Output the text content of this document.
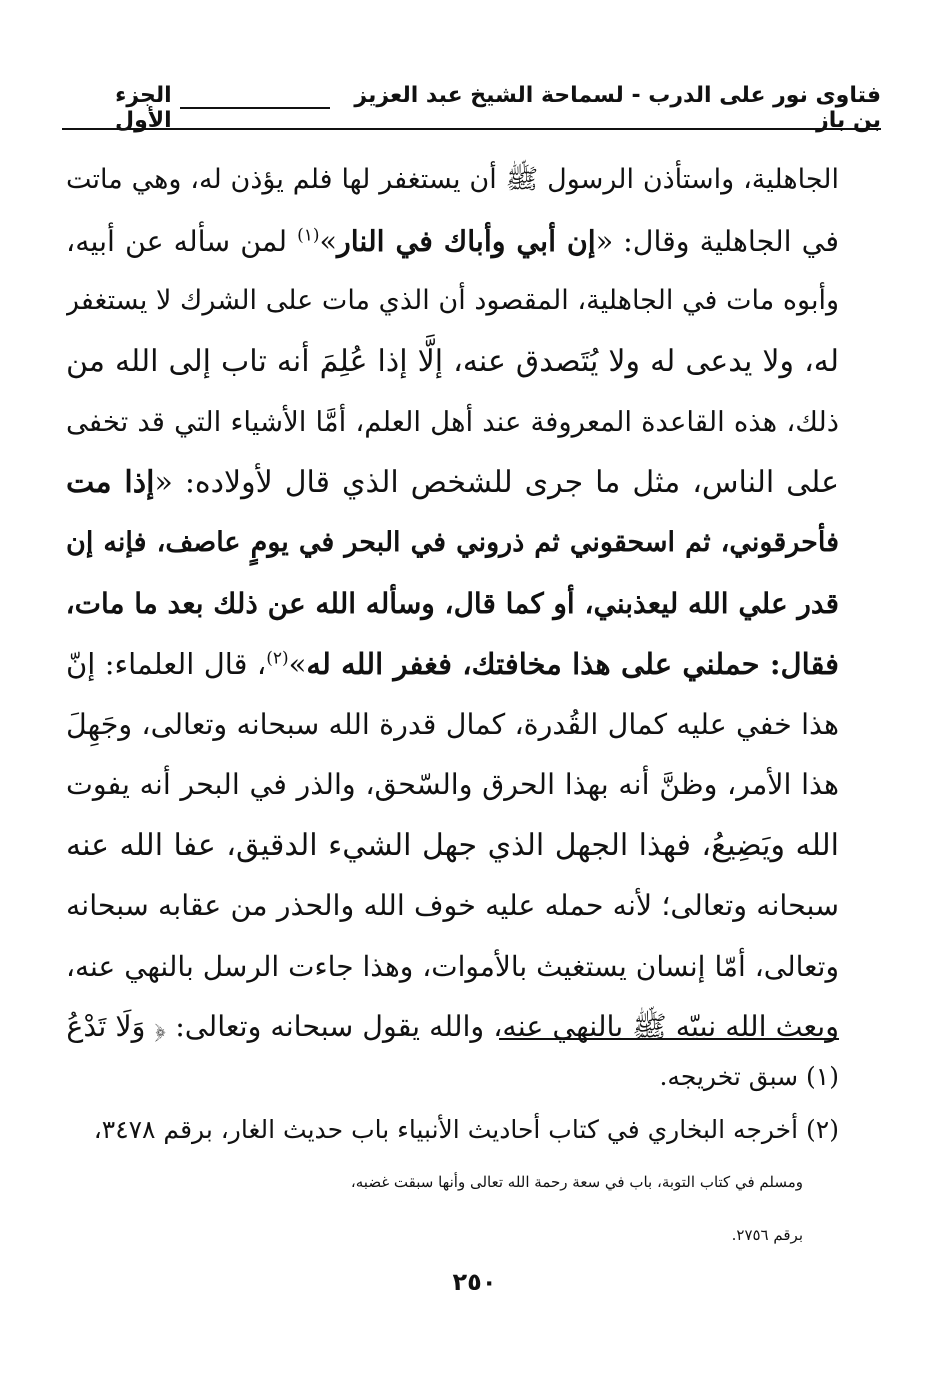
فتاوى نور على الدرب - لسماحة الشيخ عبد العزيز بن باز
الجزء الأول
الجاهلية، واستأذن الرسول ﷺ أن يستغفر لها فلم يؤذن له، وهي ماتت
في الجاهلية وقال: «إن أبي وأباك في النار»$^{(١)}$ لمن سأله عن أبيه،
وأبوه مات في الجاهلية، المقصود أن الذي مات على الشرك لا يستغفر
له، ولا يدعى له ولا يُتَصدق عنه، إلَّا إذا عُلِمَ أنه تاب إلى الله من
ذلك، هذه القاعدة المعروفة عند أهل العلم، أمَّا الأشياء التي قد تخفى
على الناس، مثل ما جرى للشخص الذي قال لأولاده: «إذا مت
فأحرقوني، ثم اسحقوني ثم ذروني في البحر في يومٍ عاصف، فإنه إن
قدر علي الله ليعذبني، أو كما قال، وسأله الله عن ذلك بعد ما مات،
فقال: حملني على هذا مخافتك، فغفر الله له»$^{(٢)}$، قال العلماء: إنّ
هذا خفي عليه كمال القُدرة، كمال قدرة الله سبحانه وتعالى، وجَهِلَ
هذا الأمر، وظنَّ أنه بهذا الحرق والسّحق، والذر في البحر أنه يفوت
الله ويَضِيعُ، فهذا الجهل الذي جهل الشيء الدقيق، عفا الله عنه
سبحانه وتعالى؛ لأنه حمله عليه خوف الله والحذر من عقابه سبحانه
وتعالى، أمّا إنسان يستغيث بالأموات، وهذا جاءت الرسل بالنهي عنه،
وبعث الله نبيّه ﷺ بالنهي عنه، والله يقول سبحانه وتعالى: ﴿ وَلَا تَدْعُ
(١) سبق تخريجه.
(٢) أخرجه البخاري في كتاب أحاديث الأنبياء باب حديث الغار، برقم ٣٤٧٨،
ومسلم في كتاب التوبة، باب في سعة رحمة الله تعالى وأنها سبقت غضبه،
برقم ٢٧٥٦.
٢٥٠
